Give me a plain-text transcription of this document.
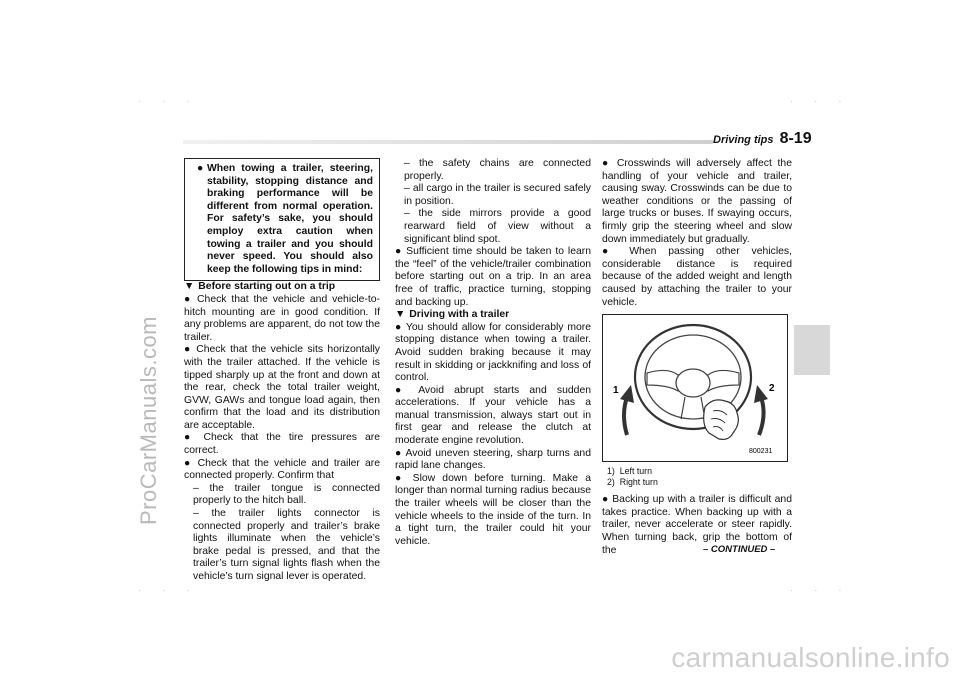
ProCarManuals.com
carmanualsonline.info
· · ·	· · ·
· · ·	· · ·
Driving tips 8-19
● When towing a trailer, steering, stability, stopping distance and braking performance will be different from normal operation. For safety’s sake, you should employ extra caution when towing a trailer and you should never speed. You should also keep the following tips in mind:

▼ Before starting out on a trip

● Check that the vehicle and vehicle-to-hitch mounting are in good condition. If any problems are apparent, do not tow the trailer.

● Check that the vehicle sits horizontally with the trailer attached. If the vehicle is tipped sharply up at the front and down at the rear, check the total trailer weight, GVW, GAWs and tongue load again, then confirm that the load and its distribution are acceptable.

● Check that the tire pressures are correct.

● Check that the vehicle and trailer are connected properly. Confirm that

– the trailer tongue is connected properly to the hitch ball.

– the trailer lights connector is connected properly and trailer’s brake lights illuminate when the vehicle’s brake pedal is pressed, and that the trailer’s turn signal lights flash when the vehicle’s turn signal lever is operated.

– the safety chains are connected properly.

– all cargo in the trailer is secured safely in position.

– the side mirrors provide a good rearward field of view without a significant blind spot.

● Sufficient time should be taken to learn the “feel” of the vehicle/trailer combination before starting out on a trip. In an area free of traffic, practice turning, stopping and backing up.

▼ Driving with a trailer

● You should allow for considerably more stopping distance when towing a trailer. Avoid sudden braking because it may result in skidding or jackknifing and loss of control.

● Avoid abrupt starts and sudden accelerations. If your vehicle has a manual transmission, always start out in first gear and release the clutch at moderate engine revolution.

● Avoid uneven steering, sharp turns and rapid lane changes.

● Slow down before turning. Make a longer than normal turning radius because the trailer wheels will be closer than the vehicle wheels to the inside of the turn. In a tight turn, the trailer could hit your vehicle.

● Crosswinds will adversely affect the handling of your vehicle and trailer, causing sway. Crosswinds can be due to weather conditions or the passing of large trucks or buses. If swaying occurs, firmly grip the steering wheel and slow down immediately but gradually.

● When passing other vehicles, considerable distance is required because of the added weight and length caused by attaching the trailer to your vehicle.

1	2
800231
1)  Left turn
2)  Right turn

● Backing up with a trailer is difficult and takes practice. When backing up with a trailer, never accelerate or steer rapidly. When turning back, grip the bottom of the	– CONTINUED –
